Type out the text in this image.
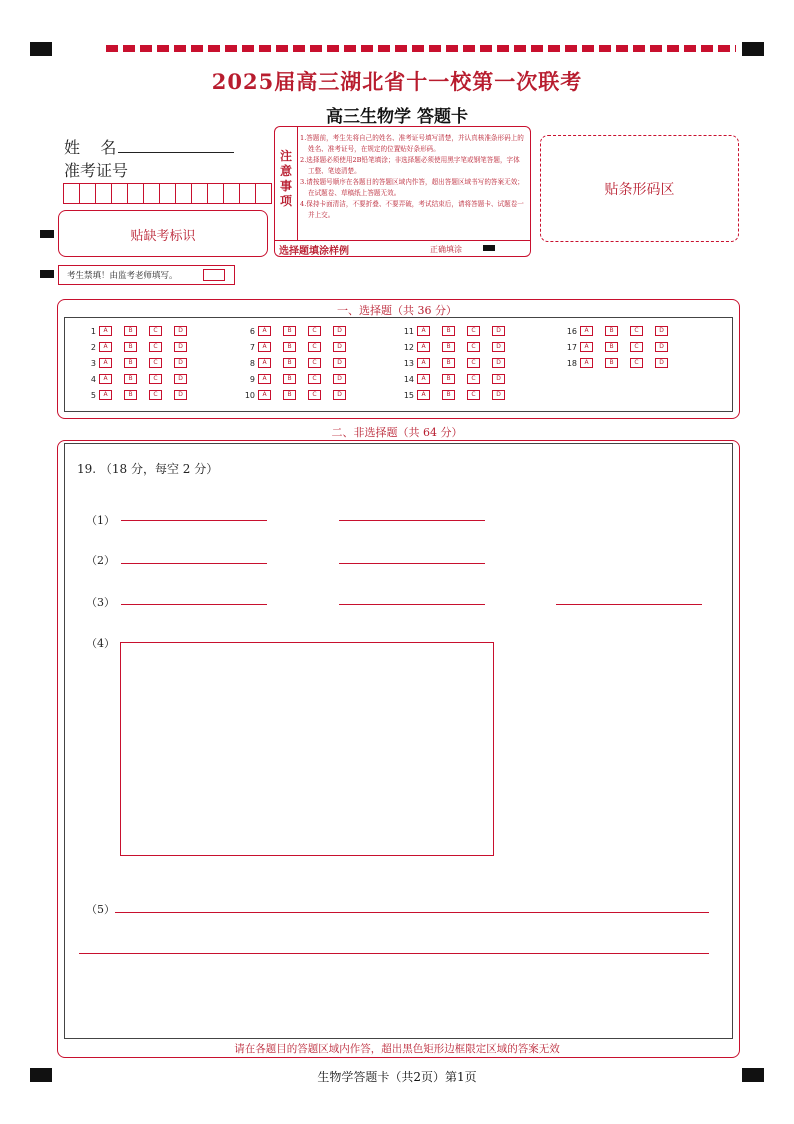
2025届高三湖北省十一校第一次联考
高三生物学 答题卡
姓    名
准考证号
贴缺考标识
考生禁填！由监考老师填写。
注
意
事
项
1.答题前，考生先将自己的姓名、准考证号填写清楚，并认真核准条形码上的姓名、准考证号，在规定的位置贴好条形码。
2.选择题必须使用2B铅笔填涂；非选择题必须使用黑字笔或钢笔答题，字体工整、笔迹清楚。
3.请按题号顺序在各题目的答题区域内作答，超出答题区域书写的答案无效；在试题卷、草稿纸上答题无效。
4.保持卡面清洁，不要折叠、不要弄破，考试结束后，请将答题卡、试题卷一并上交。
选择题填涂样例	正确填涂
贴条形码区
一、选择题（共 36 分）
1	A	B	C	D
2	A	B	C	D
3	A	B	C	D
4	A	B	C	D
5	A	B	C	D
6	A	B	C	D
7	A	B	C	D
8	A	B	C	D
9	A	B	C	D
10	A	B	C	D
11	A	B	C	D
12	A	B	C	D
13	A	B	C	D
14	A	B	C	D
15	A	B	C	D
16	A	B	C	D
17	A	B	C	D
18	A	B	C	D
二、非选择题（共 64 分）
19. （18 分，每空 2 分）
（1）
（2）
（3）
（4）
（5）
请在各题目的答题区域内作答，超出黑色矩形边框限定区域的答案无效
生物学答题卡（共2页）第1页
